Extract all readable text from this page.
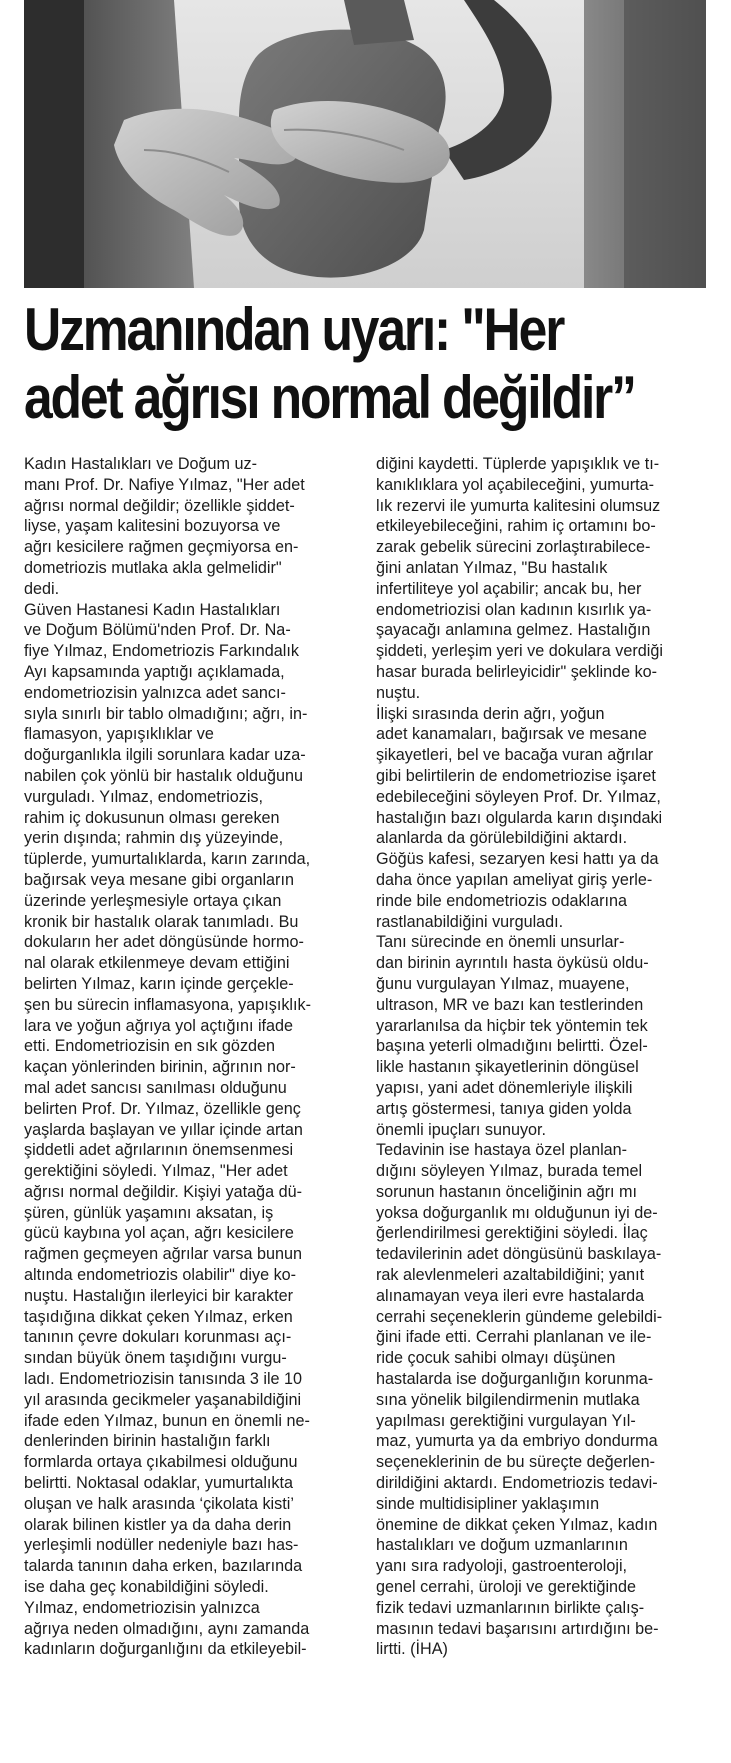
Uzmanından uyarı: "Her
adet ağrısı normal değildir”

Kadın Hastalıkları ve Doğum uz-
manı Prof. Dr. Nafiye Yılmaz, "Her adet
ağrısı normal değildir; özellikle şiddet-
liyse, yaşam kalitesini bozuyorsa ve
ağrı kesicilere rağmen geçmiyorsa en-
dometriozis mutlaka akla gelmelidir"
dedi.

Güven Hastanesi Kadın Hastalıkları
ve Doğum Bölümü'nden Prof. Dr. Na-
fiye Yılmaz, Endometriozis Farkındalık
Ayı kapsamında yaptığı açıklamada,
endometriozisin yalnızca adet sancı-
sıyla sınırlı bir tablo olmadığını; ağrı, in-
flamasyon, yapışıklıklar ve
doğurganlıkla ilgili sorunlara kadar uza-
nabilen çok yönlü bir hastalık olduğunu
vurguladı. Yılmaz, endometriozis,
rahim iç dokusunun olması gereken
yerin dışında; rahmin dış yüzeyinde,
tüplerde, yumurtalıklarda, karın zarında,
bağırsak veya mesane gibi organların
üzerinde yerleşmesiyle ortaya çıkan
kronik bir hastalık olarak tanımladı. Bu
dokuların her adet döngüsünde hormo-
nal olarak etkilenmeye devam ettiğini
belirten Yılmaz, karın içinde gerçekle-
şen bu sürecin inflamasyona, yapışıklık-
lara ve yoğun ağrıya yol açtığını ifade
etti. Endometriozisin en sık gözden
kaçan yönlerinden birinin, ağrının nor-
mal adet sancısı sanılması olduğunu
belirten Prof. Dr. Yılmaz, özellikle genç
yaşlarda başlayan ve yıllar içinde artan
şiddetli adet ağrılarının önemsenmesi
gerektiğini söyledi. Yılmaz, "Her adet
ağrısı normal değildir. Kişiyi yatağa dü-
şüren, günlük yaşamını aksatan, iş
gücü kaybına yol açan, ağrı kesicilere
rağmen geçmeyen ağrılar varsa bunun
altında endometriozis olabilir" diye ko-
nuştu. Hastalığın ilerleyici bir karakter
taşıdığına dikkat çeken Yılmaz, erken
tanının çevre dokuları korunması açı-
sından büyük önem taşıdığını vurgu-
ladı. Endometriozisin tanısında 3 ile 10
yıl arasında gecikmeler yaşanabildiğini
ifade eden Yılmaz, bunun en önemli ne-
denlerinden birinin hastalığın farklı
formlarda ortaya çıkabilmesi olduğunu
belirtti. Noktasal odaklar, yumurtalıkta
oluşan ve halk arasında ‘çikolata kisti’
olarak bilinen kistler ya da daha derin
yerleşimli nodüller nedeniyle bazı has-
talarda tanının daha erken, bazılarında
ise daha geç konabildiğini söyledi.

Yılmaz, endometriozisin yalnızca
ağrıya neden olmadığını, aynı zamanda
kadınların doğurganlığını da etkileyebil-

diğini kaydetti. Tüplerde yapışıklık ve tı-
kanıklıklara yol açabileceğini, yumurta-
lık rezervi ile yumurta kalitesini olumsuz
etkileyebileceğini, rahim iç ortamını bo-
zarak gebelik sürecini zorlaştırabilece-
ğini anlatan Yılmaz, "Bu hastalık
infertiliteye yol açabilir; ancak bu, her
endometriozisi olan kadının kısırlık ya-
şayacağı anlamına gelmez. Hastalığın
şiddeti, yerleşim yeri ve dokulara verdiği
hasar burada belirleyicidir" şeklinde ko-
nuştu.

İlişki sırasında derin ağrı, yoğun
adet kanamaları, bağırsak ve mesane
şikayetleri, bel ve bacağa vuran ağrılar
gibi belirtilerin de endometriozise işaret
edebileceğini söyleyen Prof. Dr. Yılmaz,
hastalığın bazı olgularda karın dışındaki
alanlarda da görülebildiğini aktardı.
Göğüs kafesi, sezaryen kesi hattı ya da
daha önce yapılan ameliyat giriş yerle-
rinde bile endometriozis odaklarına
rastlanabildiğini vurguladı.

Tanı sürecinde en önemli unsurlar-
dan birinin ayrıntılı hasta öyküsü oldu-
ğunu vurgulayan Yılmaz, muayene,
ultrason, MR ve bazı kan testlerinden
yararlanılsa da hiçbir tek yöntemin tek
başına yeterli olmadığını belirtti. Özel-
likle hastanın şikayetlerinin döngüsel
yapısı, yani adet dönemleriyle ilişkili
artış göstermesi, tanıya giden yolda
önemli ipuçları sunuyor.

Tedavinin ise hastaya özel planlan-
dığını söyleyen Yılmaz, burada temel
sorunun hastanın önceliğinin ağrı mı
yoksa doğurganlık mı olduğunun iyi de-
ğerlendirilmesi gerektiğini söyledi. İlaç
tedavilerinin adet döngüsünü baskılaya-
rak alevlenmeleri azaltabildiğini; yanıt
alınamayan veya ileri evre hastalarda
cerrahi seçeneklerin gündeme gelebildi-
ğini ifade etti. Cerrahi planlanan ve ile-
ride çocuk sahibi olmayı düşünen
hastalarda ise doğurganlığın korunma-
sına yönelik bilgilendirmenin mutlaka
yapılması gerektiğini vurgulayan Yıl-
maz, yumurta ya da embriyo dondurma
seçeneklerinin de bu süreçte değerlen-
dirildiğini aktardı. Endometriozis tedavi-
sinde multidisipliner yaklaşımın
önemine de dikkat çeken Yılmaz, kadın
hastalıkları ve doğum uzmanlarının
yanı sıra radyoloji, gastroenteroloji,
genel cerrahi, üroloji ve gerektiğinde
fizik tedavi uzmanlarının birlikte çalış-
masının tedavi başarısını artırdığını be-
lirtti. (İHA)
